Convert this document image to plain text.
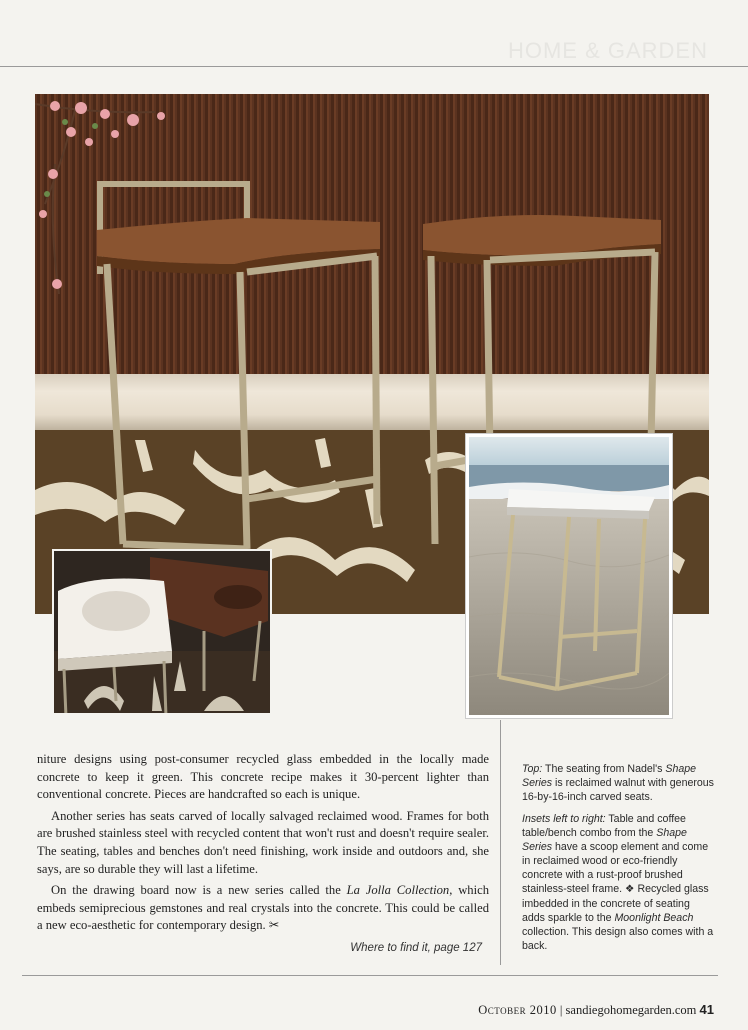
HOME & GARDEN

niture designs using post-consumer recycled glass embedded in the locally made concrete to keep it green. This concrete recipe makes it 30-percent lighter than conventional concrete. Pieces are handcrafted so each is unique.

Another series has seats carved of locally salvaged reclaimed wood. Frames for both are brushed stainless steel with recycled content that won't rust and doesn't require sealer. The seating, tables and benches don't need finishing, work inside and outdoors and, she says, are so durable they will last a lifetime.

On the drawing board now is a new series called the La Jolla Collection, which embeds semiprecious gemstones and real crystals into the concrete. This could be called a new eco-aesthetic for contemporary design. ✂

Where to find it, page 127
Top: The seating from Nadel's Shape Series is reclaimed walnut with generous 16-by-16-inch carved seats.
Insets left to right: Table and coffee table/bench combo from the Shape Series have a scoop element and come in reclaimed wood or eco-friendly concrete with a rust-proof brushed stainless-steel frame. ❖ Recycled glass imbedded in the concrete of seating adds sparkle to the Moonlight Beach collection. This design also comes with a back.
October 2010 | sandiegohomegarden.com 41
